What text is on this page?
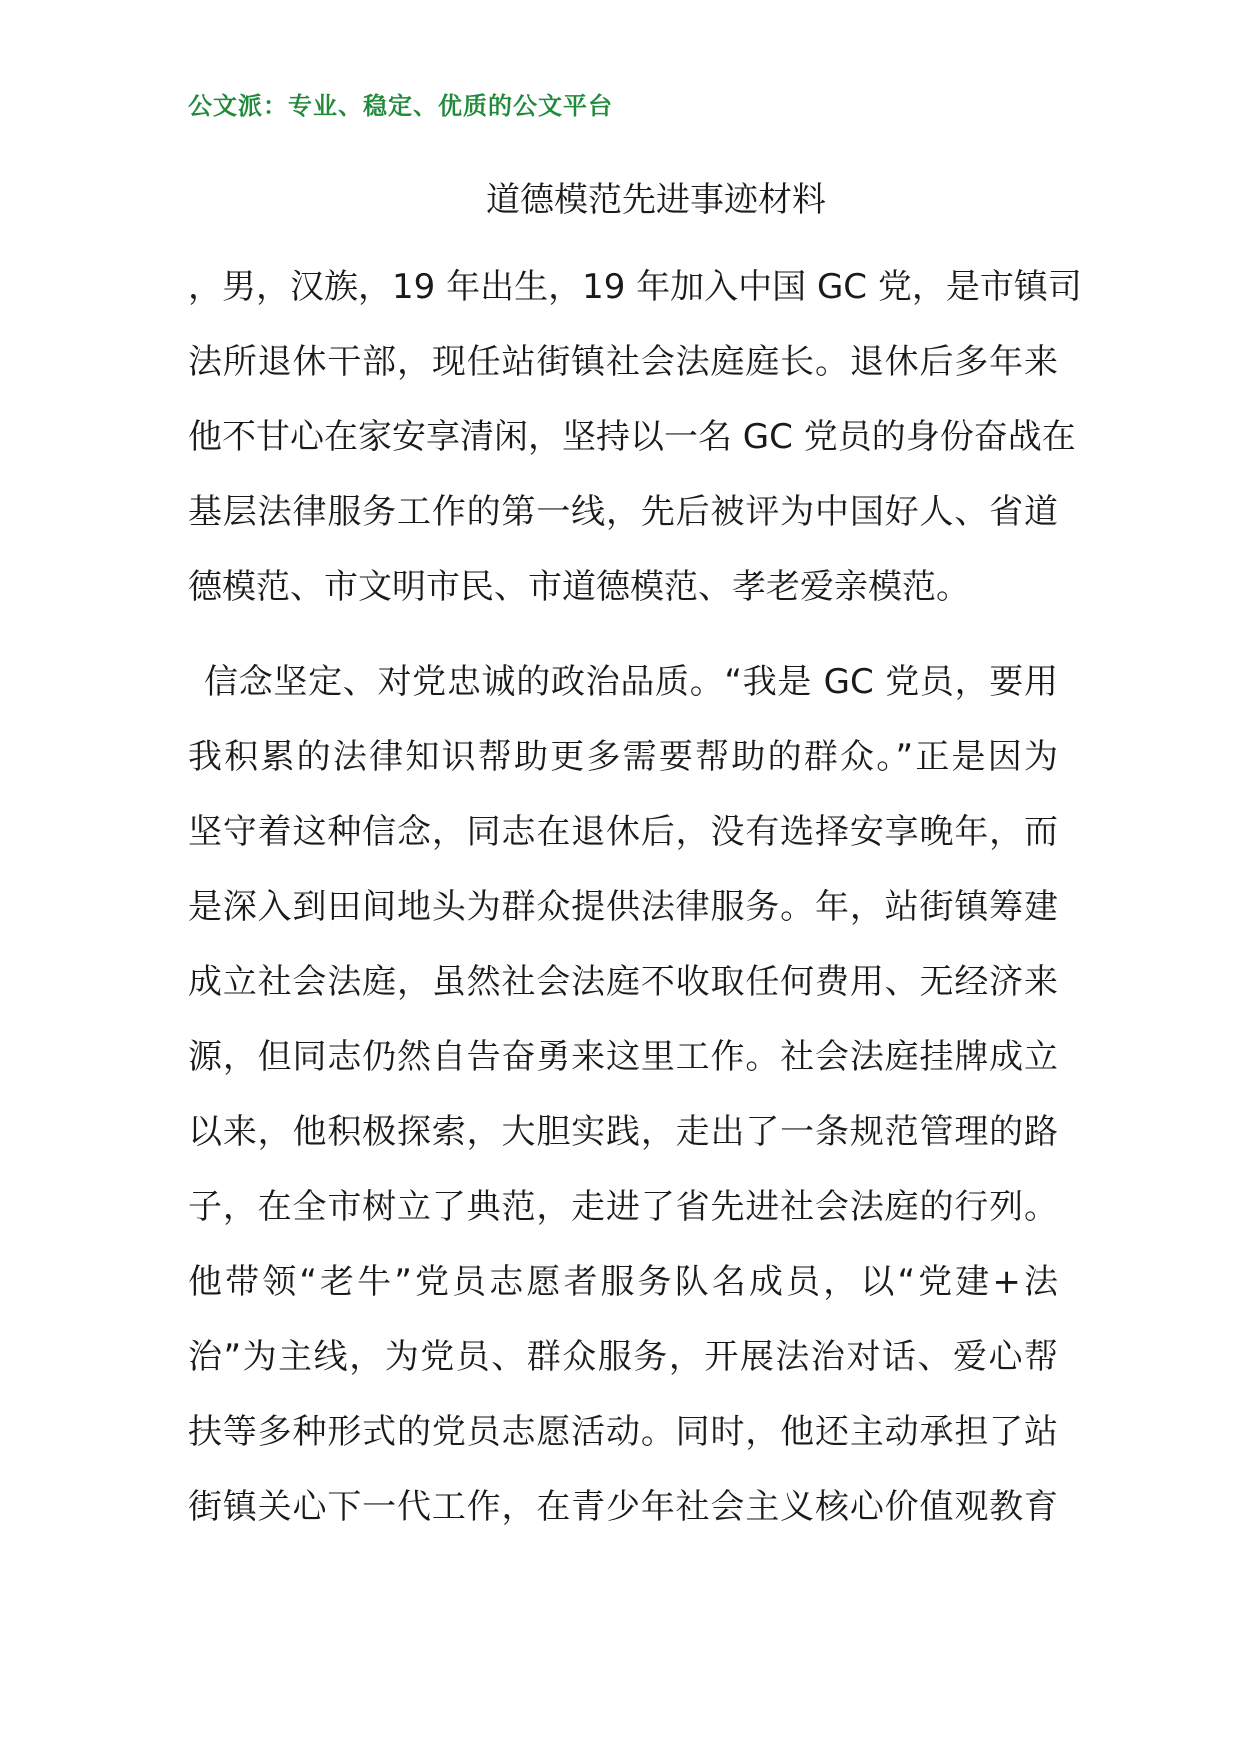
公文派：专业、稳定、优质的公文平台
道德模范先进事迹材料
，男，汉族，19 年出生，19 年加入中国 GC 党，是市镇司
法所退休干部，现任站街镇社会法庭庭长。退休后多年来
他不甘心在家安享清闲，坚持以一名 GC 党员的身份奋战在
基层法律服务工作的第一线，先后被评为中国好人、省道
德模范、市文明市民、市道德模范、孝老爱亲模范。
信念坚定、对党忠诚的政治品质。“我是 GC 党员，要用
我积累的法律知识帮助更多需要帮助的群众。”正是因为
坚守着这种信念，同志在退休后，没有选择安享晚年，而
是深入到田间地头为群众提供法律服务。年，站街镇筹建
成立社会法庭，虽然社会法庭不收取任何费用、无经济来
源，但同志仍然自告奋勇来这里工作。社会法庭挂牌成立
以来，他积极探索，大胆实践，走出了一条规范管理的路
子，在全市树立了典范，走进了省先进社会法庭的行列。
他带领“老牛”党员志愿者服务队名成员，以“党建+法
治”为主线，为党员、群众服务，开展法治对话、爱心帮
扶等多种形式的党员志愿活动。同时，他还主动承担了站
街镇关心下一代工作，在青少年社会主义核心价值观教育
